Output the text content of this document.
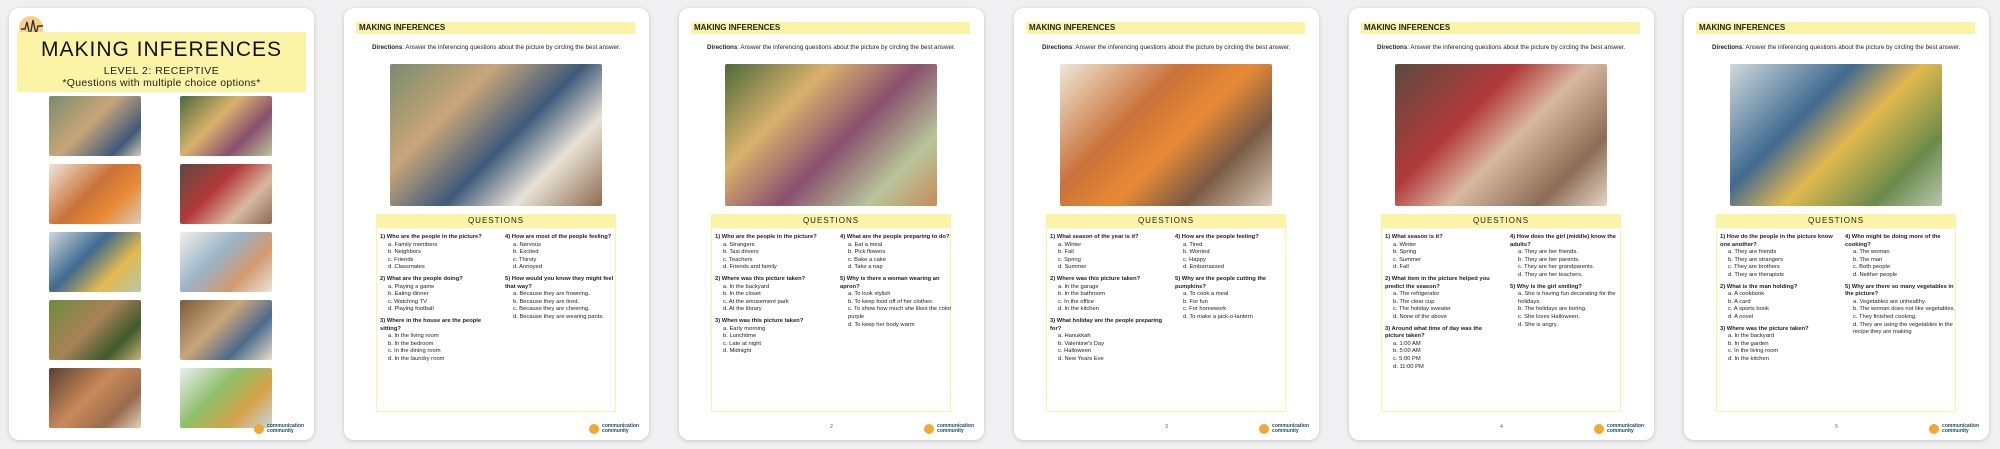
MAKING INFERENCES
LEVEL 2: RECEPTIVE
*Questions with multiple choice options*
communication
community
MAKING INFERENCES
Directions: Answer the inferencing questions about the picture by circling the best answer.
QUESTIONS
1) Who are the people in the picture?
a. Family members
b. Neighbors
c. Friends
d. Classmates
2) What are the people doing?
a. Playing a game
b. Eating dinner
c. Watching TV
d. Playing football
3) Where in the house are the people sitting?
a. In the living room
b. In the bedroom
c. In the dining room
d. In the laundry room
4) How are most of the people feeling?
a. Nervous
b. Excited
c. Thirsty
d. Annoyed
5) How would you know they might feel that way?
a. Because they are frowning.
b. Because they are tired.
c. Because they are cheering.
d. Because they are wearing pants.
communication
community
MAKING INFERENCES
Directions: Answer the inferencing questions about the picture by circling the best answer.
QUESTIONS
1) Who are the people in the picture?
a. Strangers
b. Taxi drivers
c. Teachers
d. Friends and family
2) Where was this picture taken?
a. In the backyard
b. In the closet
c. At the amusement park
d. At the library
3) When was this picture taken?
a. Early morning
b. Lunchtime
c. Late at night
d. Midnight
4) What are the people preparing to do?
a. Eat a meal
b. Pick flowers
c. Bake a cake
d. Take a nap
5) Why is there a woman wearing an apron?
a. To look stylish
b. To keep food off of her clothes
c. To show how much she likes the color purple
d. To keep her body warm
2	communication
community
MAKING INFERENCES
Directions: Answer the inferencing questions about the picture by circling the best answer.
QUESTIONS
1) What season of the year is it?
a. Winter
b. Fall
c. Spring
d. Summer
2) Where was this picture taken?
a. In the garage
b. In the bathroom
c. In the office
d. In the kitchen
3) What holiday are the people preparing for?
a. Hanukkah
b. Valentine's Day
c. Halloween
d. New Years Eve
4) How are the people feeling?
a. Tired
b. Worried
c. Happy
d. Embarrassed
5) Why are the people cutting the pumpkins?
a. To cook a meal
b. For fun
c. For homework
d. To make a jack-o-lantern
3	communication
community
MAKING INFERENCES
Directions: Answer the inferencing questions about the picture by circling the best answer.
QUESTIONS
1) What season is it?
a. Winter
b. Spring
c. Summer
d. Fall
2) What item in the picture helped you predict the season?
a. The refrigerator
b. The clear cup
c. The holiday sweater
d. None of the above
3) Around what time of day was the picture taken?
a. 1:00 AM
b. 5:00 AM
c. 5:00 PM
d. 11:00 PM
4) How does the girl (middle) know the adults?
a. They are her friends.
b. They are her parents.
c. They are her grandparents.
d. They are her teachers.
5) Why is the girl smiling?
a. She is having fun decorating for the holidays.
b. The holidays are boring.
c. She loves Halloween.
d. She is angry.
4	communication
community
MAKING INFERENCES
Directions: Answer the inferencing questions about the picture by circling the best answer.
QUESTIONS
1) How do the people in the picture know one another?
a. They are friends
b. They are strangers
c. They are brothers
d. They are therapists
2) What is the man holding?
a. A cookbook
b. A card
c. A sports book
d. A novel
3) Where was the picture taken?
a. In the backyard
b. In the garden
c. In the living room
d. In the kitchen
4) Who might be doing more of the cooking?
a. The woman
b. The man
c. Both people
d. Neither people
5) Why are there so many vegetables in the picture?
a. Vegetables are unhealthy.
b. The woman does not like vegetables.
c. They finished cooking.
d. They are using the vegetables in the recipe they are making
5	communication
community
